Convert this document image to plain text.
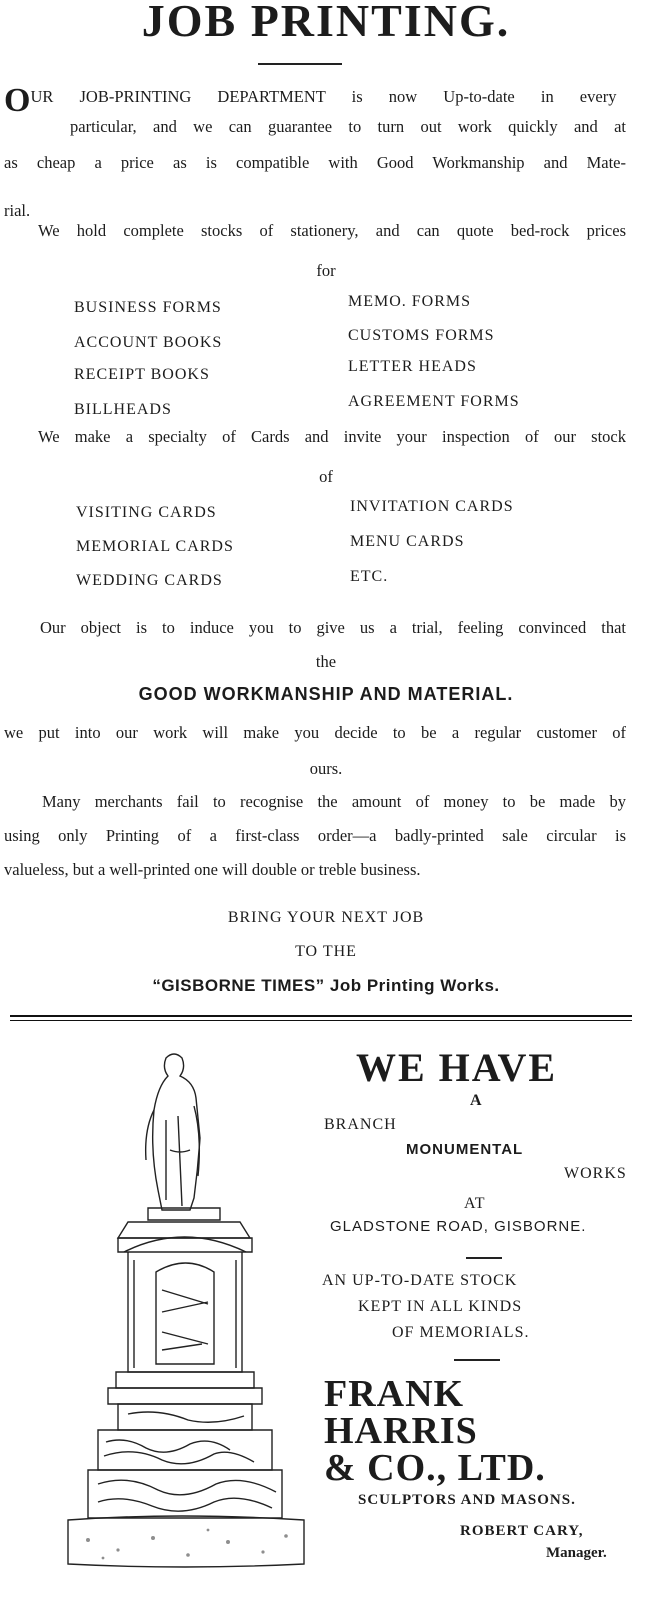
JOB PRINTING.
OUR JOB-PRINTING DEPARTMENT is now Up-to-date in every
particular, and we can guarantee to turn out work quickly and at
as cheap a price as is compatible with Good Workmanship and Mate-
rial.
We hold complete stocks of stationery, and can quote bed-rock prices
for
BUSINESS FORMS
ACCOUNT BOOKS
RECEIPT BOOKS
BILLHEADS
MEMO. FORMS
CUSTOMS FORMS
LETTER HEADS
AGREEMENT FORMS
We make a specialty of Cards and invite your inspection of our stock
of
VISITING CARDS
MEMORIAL CARDS
WEDDING CARDS
INVITATION CARDS
MENU CARDS
ETC.
Our object is to induce you to give us a trial, feeling convinced that
the
GOOD WORKMANSHIP AND MATERIAL.
we put into our work will make you decide to be a regular customer of
ours.
Many merchants fail to recognise the amount of money to be made by
using only Printing of a first-class order—a badly-printed sale circular is
valueless, but a well-printed one will double or treble business.
BRING YOUR NEXT JOB
TO THE
“GISBORNE TIMES” Job Printing Works.
WE HAVE
A
BRANCH
MONUMENTAL
WORKS
AT
GLADSTONE ROAD, GISBORNE.
AN UP-TO-DATE STOCK
KEPT IN ALL KINDS
OF MEMORIALS.
FRANK
HARRIS
& CO., LTD.
SCULPTORS AND MASONS.
ROBERT CARY,
Manager.
